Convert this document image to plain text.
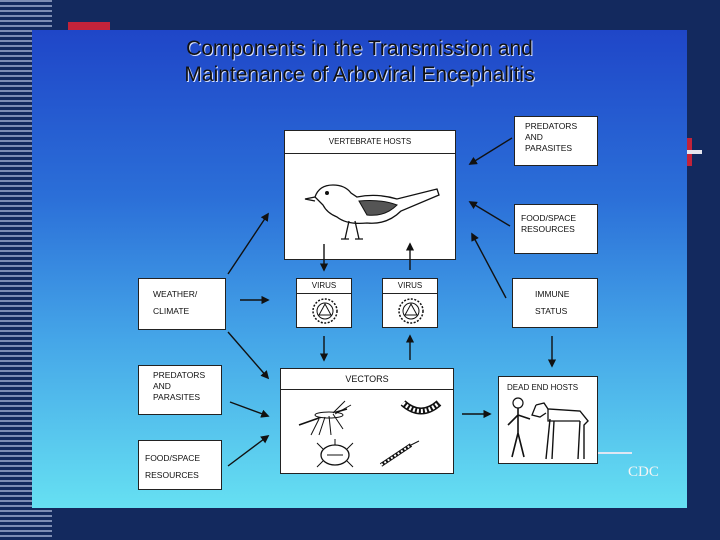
Components in the Transmission and
Maintenance of Arboviral Encephalitis
VERTEBRATE HOSTS
PREDATORS
AND
PARASITES
FOOD/SPACE
RESOURCES
WEATHER/
CLIMATE
VIRUS	VIRUS
IMMUNE
STATUS
PREDATORS
AND
PARASITES
VECTORS
DEAD END HOSTS
FOOD/SPACE
RESOURCES	CDC
